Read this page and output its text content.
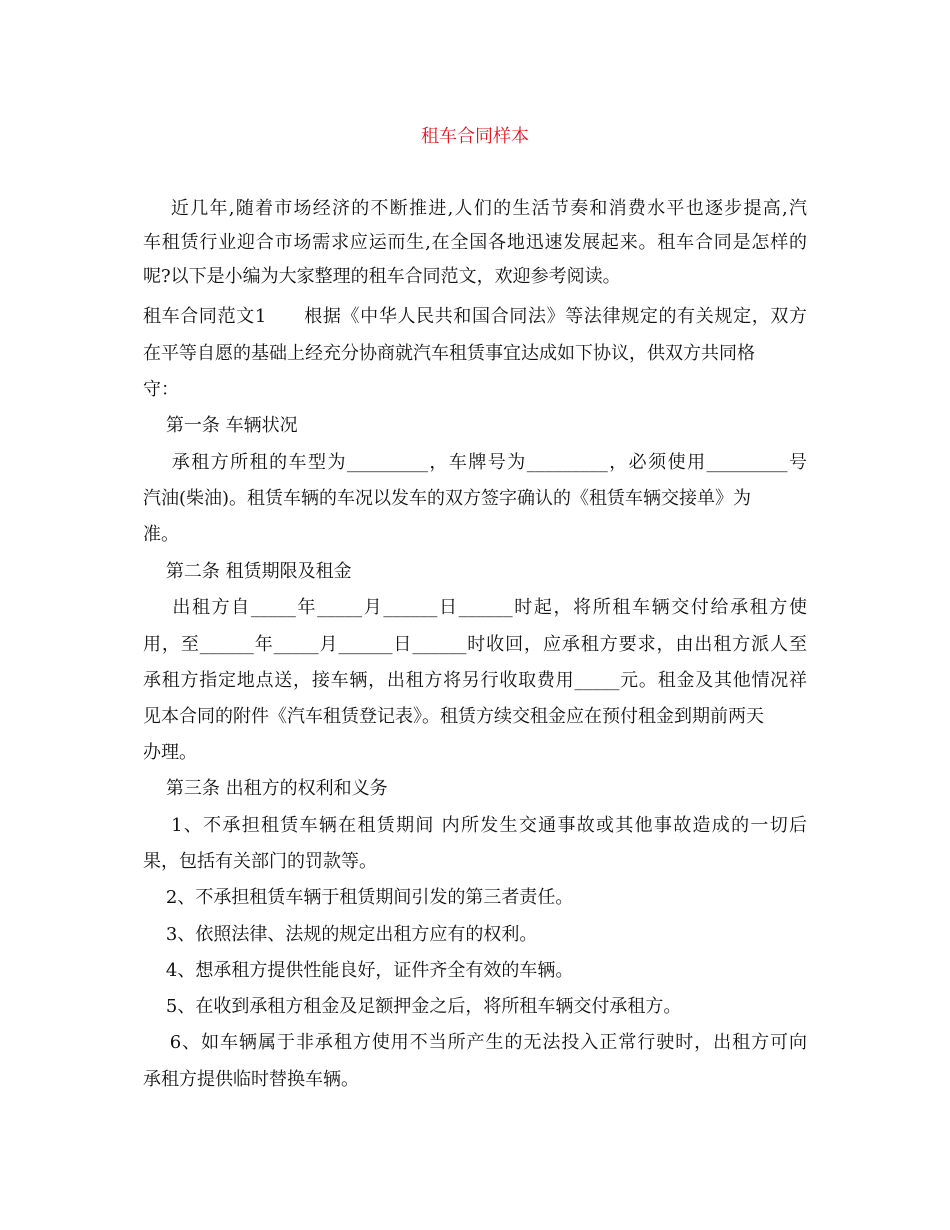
租车合同样本
近几年,随着市场经济的不断推进,人们的生活节奏和消费水平也逐步提高,汽
车租赁行业迎合市场需求应运而生,在全国各地迅速发展起来。租车合同是怎样的
呢?以下是小编为大家整理的租车合同范文，欢迎参考阅读。
租车合同范文1　　根据《中华人民共和国合同法》等法律规定的有关规定，双方
在平等自愿的基础上经充分协商就汽车租赁事宜达成如下协议，供双方共同格
守：
第一条 车辆状况
承租方所租的车型为_________，车牌号为_________，必须使用_________号
汽油(柴油)。租赁车辆的车况以发车的双方签字确认的《租赁车辆交接单》为
准。
第二条 租赁期限及租金
出租方自_____年_____月______日______时起，将所租车辆交付给承租方使
用，至______年_____月______日______时收回，应承租方要求，由出租方派人至
承租方指定地点送，接车辆，出租方将另行收取费用_____元。租金及其他情况祥
见本合同的附件《汽车租赁登记表》。租赁方续交租金应在预付租金到期前两天
办理。
第三条 出租方的权利和义务
1、不承担租赁车辆在租赁期间 内所发生交通事故或其他事故造成的一切后
果，包括有关部门的罚款等。
2、不承担租赁车辆于租赁期间引发的第三者责任。
3、依照法律、法规的规定出租方应有的权利。
4、想承租方提供性能良好，证件齐全有效的车辆。
5、在收到承租方租金及足额押金之后，将所租车辆交付承租方。
6、如车辆属于非承租方使用不当所产生的无法投入正常行驶时，出租方可向
承租方提供临时替换车辆。
